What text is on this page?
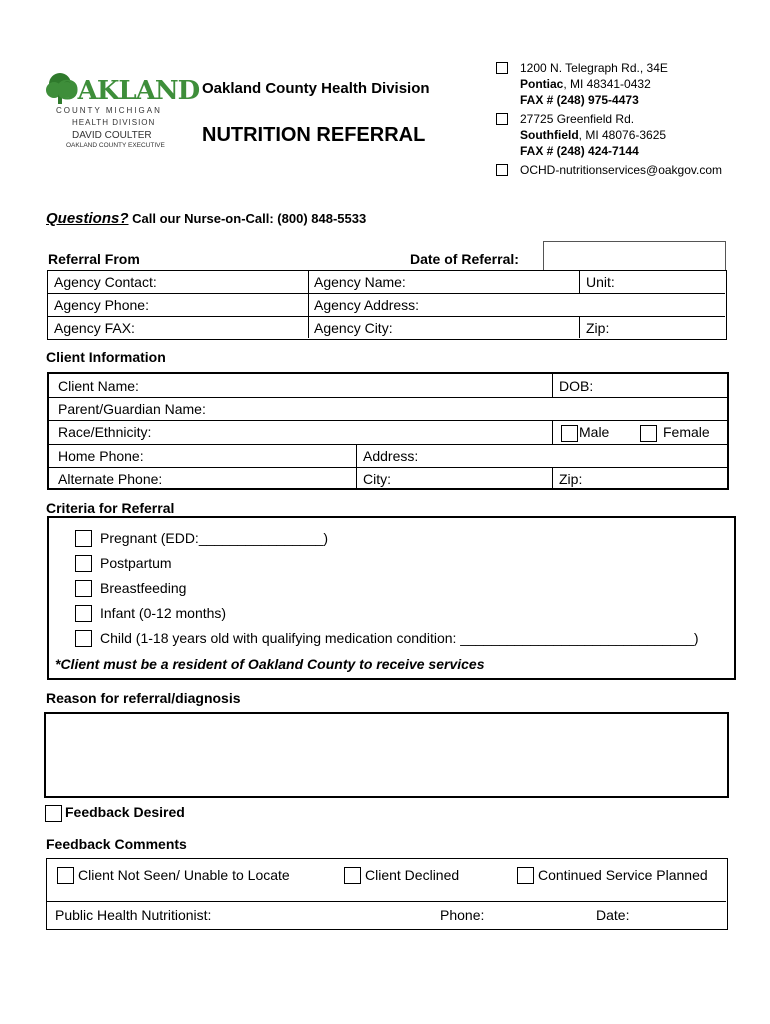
OAKLAND
COUNTY MICHIGAN
HEALTH DIVISION
DAVID COULTER
OAKLAND COUNTY EXECUTIVE
Oakland County Health Division
NUTRITION REFERRAL
1200 N. Telegraph Rd., 34E
Pontiac, MI 48341-0432
FAX # (248) 975-4473
27725 Greenfield Rd.
Southfield, MI 48076-3625
FAX # (248) 424-7144
OCHD-nutritionservices@oakgov.com
Questions? Call our Nurse-on-Call: (800) 848-5533
Referral From	Date of Referral:
Agency Contact:	Agency Name:	Unit:
Agency Phone:	Agency Address:
Agency FAX:	Agency City:	Zip:
Client Information
Client Name:	DOB:
Parent/Guardian Name:
Race/Ethnicity:	Male	Female
Home Phone:	Address:
Alternate Phone:	City:	Zip:
Criteria for Referral
Pregnant (EDD:________________)
Postpartum
Breastfeeding
Infant (0-12 months)
Child (1-18 years old with qualifying medication condition: ______________________________)
*Client must be a resident of Oakland County to receive services
Reason for referral/diagnosis
Feedback Desired
Feedback Comments
Client Not Seen/ Unable to Locate	Client Declined	Continued Service Planned
Public Health Nutritionist:	Phone:	Date:
